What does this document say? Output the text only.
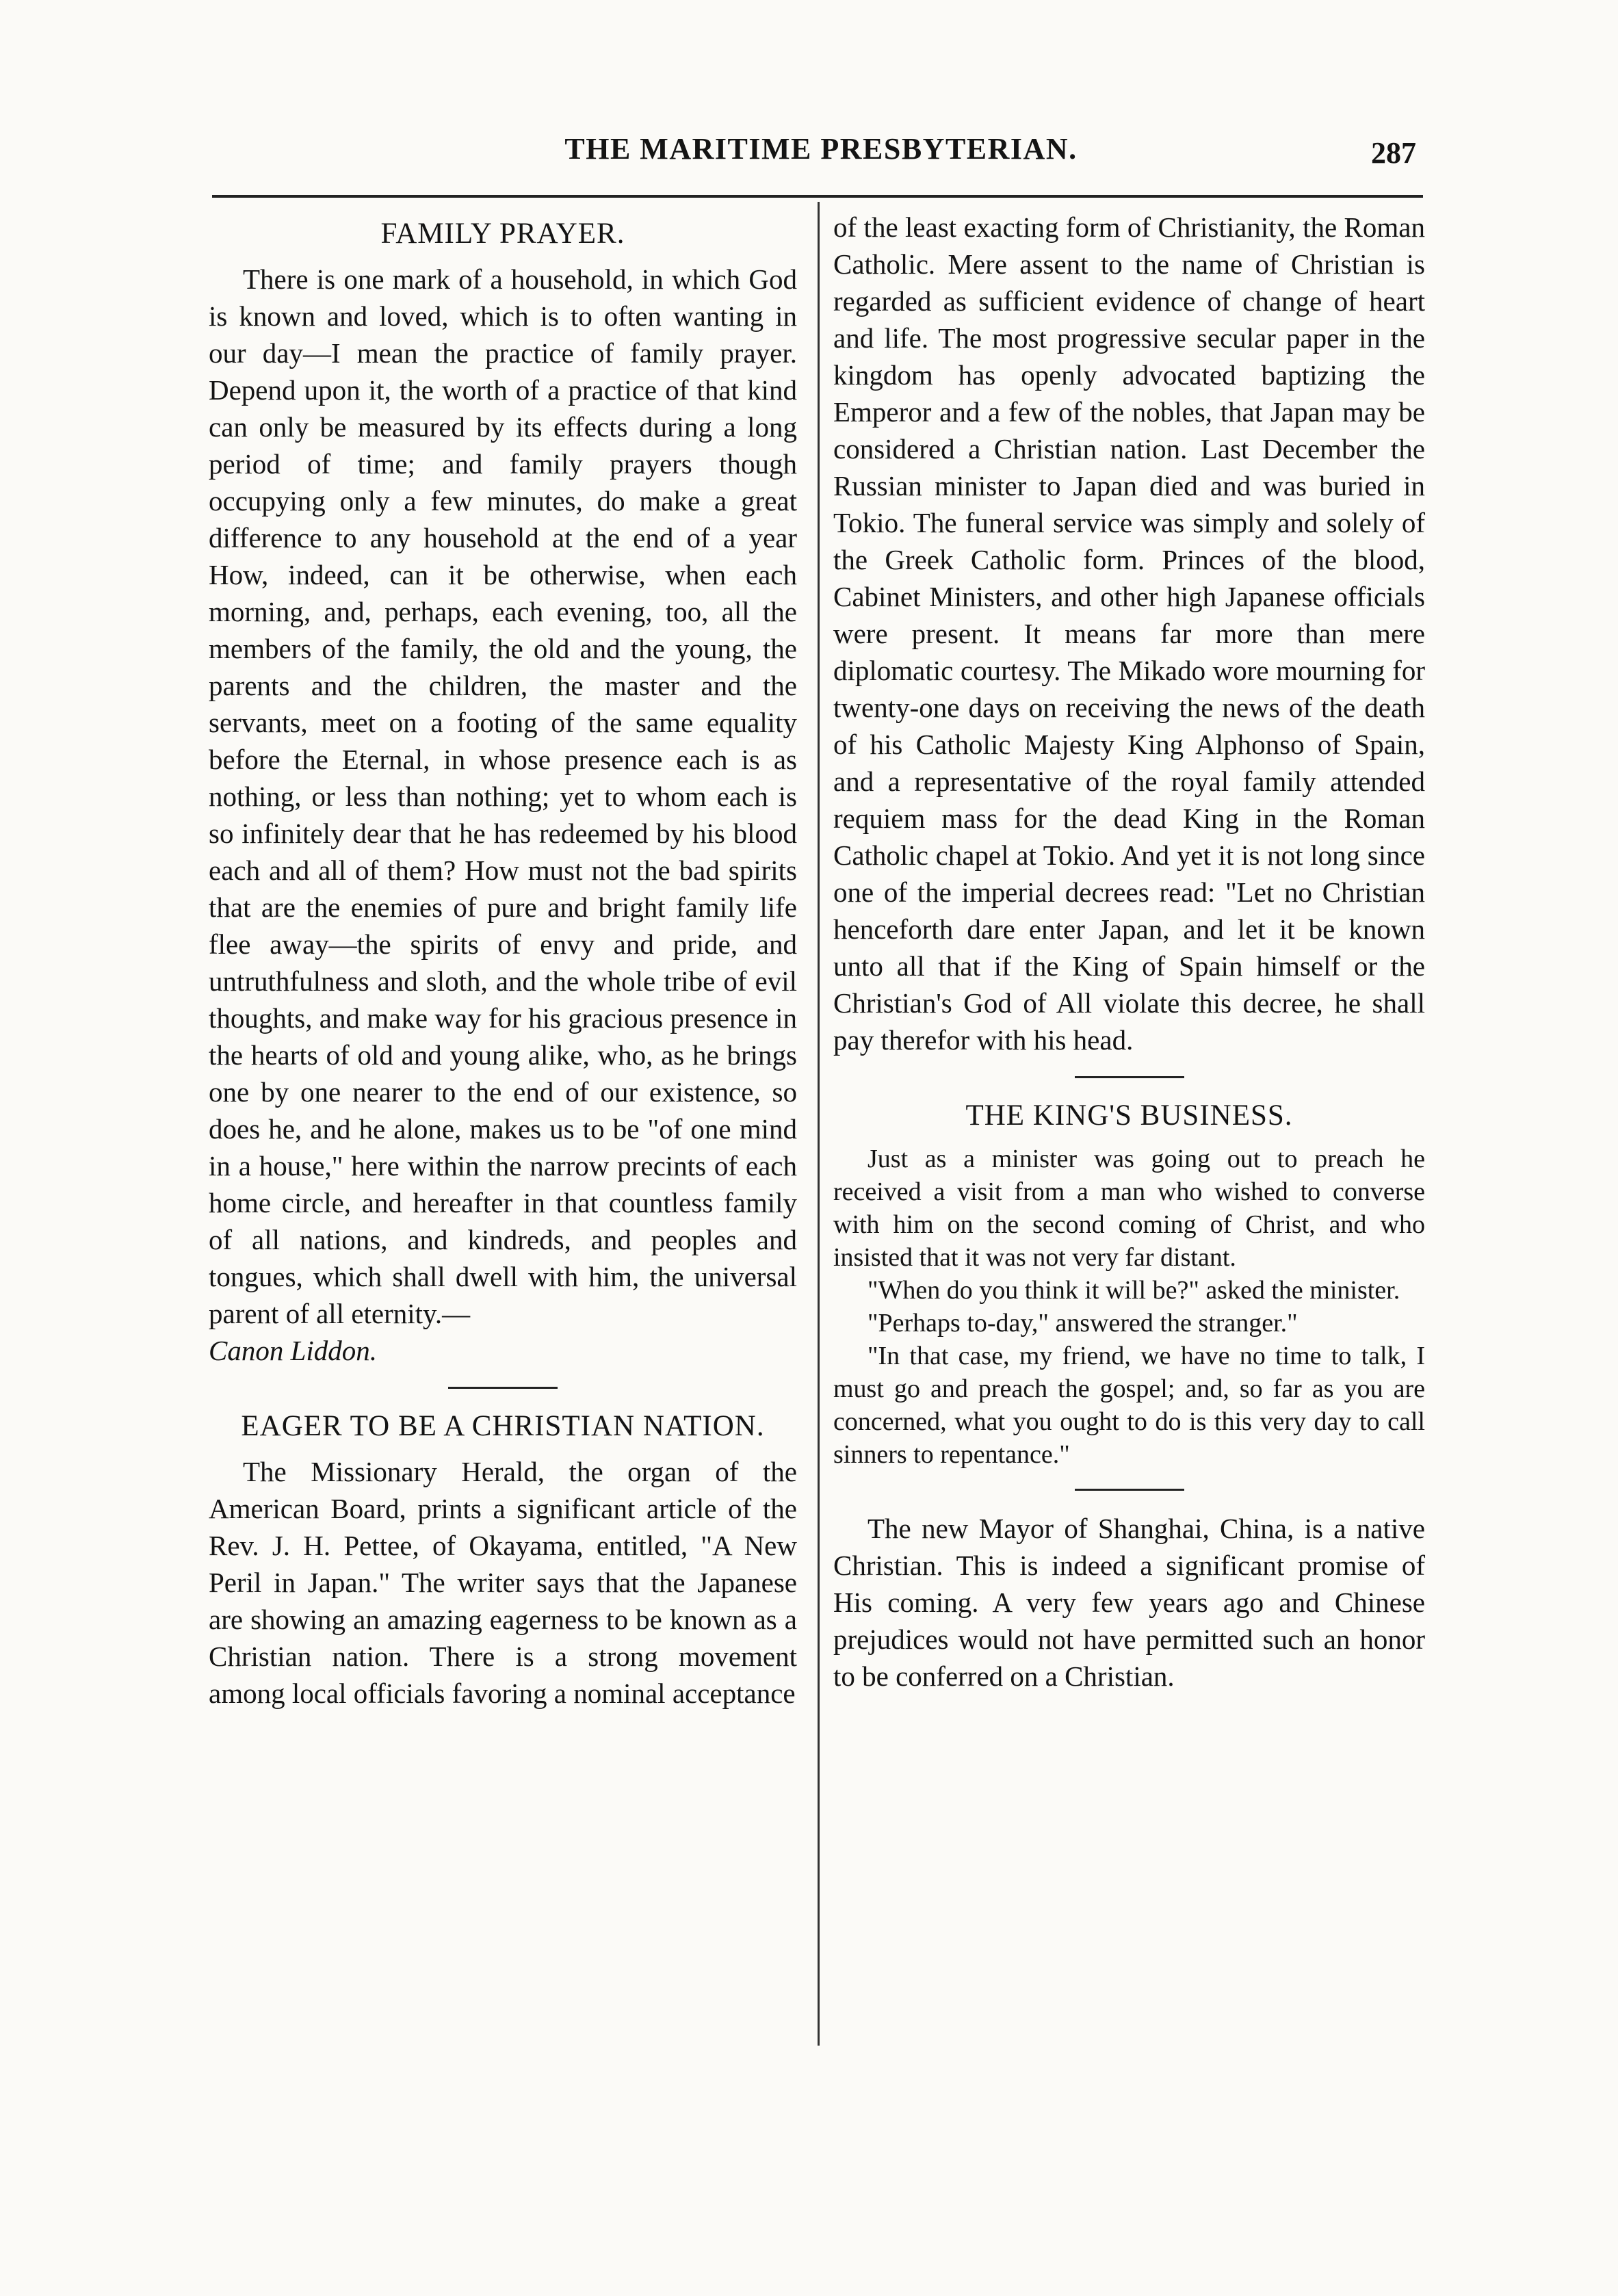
THE MARITIME PRESBYTERIAN.	287
FAMILY PRAYER.

There is one mark of a household, in which God is known and loved, which is to often wanting in our day—I mean the practice of family prayer. Depend upon it, the worth of a practice of that kind can only be measured by its effects during a long period of time; and family prayers though occupying only a few minutes, do make a great difference to any household at the end of a year How, indeed, can it be otherwise, when each morning, and, perhaps, each evening, too, all the members of the family, the old and the young, the parents and the children, the master and the servants, meet on a footing of the same equality before the Eternal, in whose presence each is as nothing, or less than nothing; yet to whom each is so infinitely dear that he has redeemed by his blood each and all of them? How must not the bad spirits that are the enemies of pure and bright family life flee away—the spirits of envy and pride, and untruthfulness and sloth, and the whole tribe of evil thoughts, and make way for his gracious presence in the hearts of old and young alike, who, as he brings one by one nearer to the end of our existence, so does he, and he alone, makes us to be "of one mind in a house," here within the narrow precints of each home circle, and hereafter in that countless family of all nations, and kindreds, and peoples and tongues, which shall dwell with him, the universal parent of all eternity.—

Canon Liddon.

EAGER TO BE A CHRISTIAN NATION.

The Missionary Herald, the organ of the American Board, prints a significant article of the Rev. J. H. Pettee, of Okayama, entitled, "A New Peril in Japan." The writer says that the Japanese are showing an amazing eagerness to be known as a Christian nation. There is a strong movement among local officials favoring a nominal acceptance

of the least exacting form of Christianity, the Roman Catholic. Mere assent to the name of Christian is regarded as sufficient evidence of change of heart and life. The most progressive secular paper in the kingdom has openly advocated baptizing the Emperor and a few of the nobles, that Japan may be considered a Christian nation. Last December the Russian minister to Japan died and was buried in Tokio. The funeral service was simply and solely of the Greek Catholic form. Princes of the blood, Cabinet Ministers, and other high Japanese officials were present. It means far more than mere diplomatic courtesy. The Mikado wore mourning for twenty-one days on receiving the news of the death of his Catholic Majesty King Alphonso of Spain, and a representative of the royal family attended requiem mass for the dead King in the Roman Catholic chapel at Tokio. And yet it is not long since one of the imperial decrees read: "Let no Christian henceforth dare enter Japan, and let it be known unto all that if the King of Spain himself or the Christian's God of All violate this decree, he shall pay therefor with his head.

THE KING'S BUSINESS.

Just as a minister was going out to preach he received a visit from a man who wished to converse with him on the second coming of Christ, and who insisted that it was not very far distant.

"When do you think it will be?" asked the minister.

"Perhaps to-day," answered the stranger."

"In that case, my friend, we have no time to talk, I must go and preach the gospel; and, so far as you are concerned, what you ought to do is this very day to call sinners to repentance."

The new Mayor of Shanghai, China, is a native Christian. This is indeed a significant promise of His coming. A very few years ago and Chinese prejudices would not have permitted such an honor to be conferred on a Christian.
